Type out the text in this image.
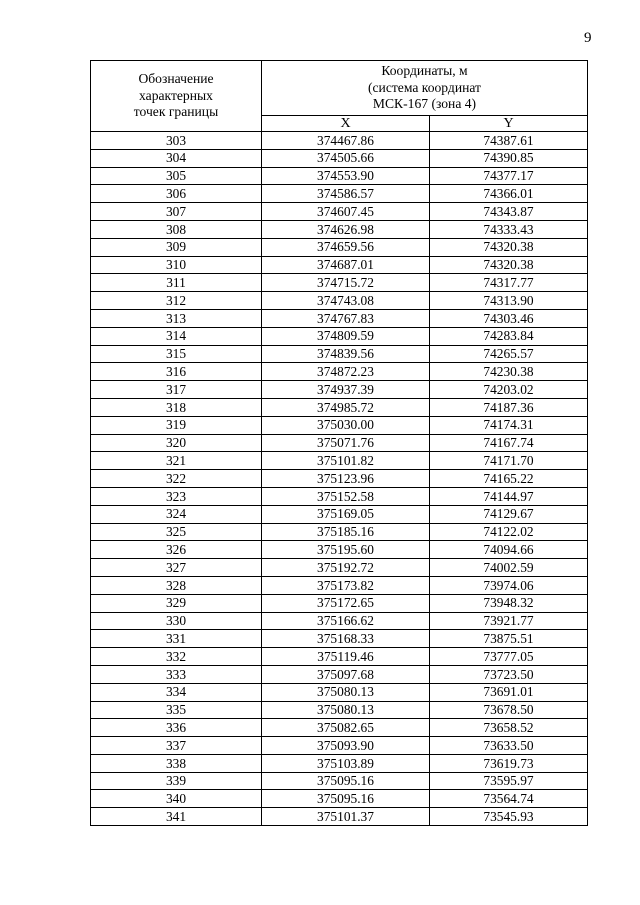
9
Обозначение
характерных
точек границы	Координаты, м
(система координат
МСК-167 (зона 4)	

	X	Y
303	374467.86	74387.61
304	374505.66	74390.85
305	374553.90	74377.17
306	374586.57	74366.01
307	374607.45	74343.87
308	374626.98	74333.43
309	374659.56	74320.38
310	374687.01	74320.38
311	374715.72	74317.77
312	374743.08	74313.90
313	374767.83	74303.46
314	374809.59	74283.84
315	374839.56	74265.57
316	374872.23	74230.38
317	374937.39	74203.02
318	374985.72	74187.36
319	375030.00	74174.31
320	375071.76	74167.74
321	375101.82	74171.70
322	375123.96	74165.22
323	375152.58	74144.97
324	375169.05	74129.67
325	375185.16	74122.02
326	375195.60	74094.66
327	375192.72	74002.59
328	375173.82	73974.06
329	375172.65	73948.32
330	375166.62	73921.77
331	375168.33	73875.51
332	375119.46	73777.05
333	375097.68	73723.50
334	375080.13	73691.01
335	375080.13	73678.50
336	375082.65	73658.52
337	375093.90	73633.50
338	375103.89	73619.73
339	375095.16	73595.97
340	375095.16	73564.74
341	375101.37	73545.93
